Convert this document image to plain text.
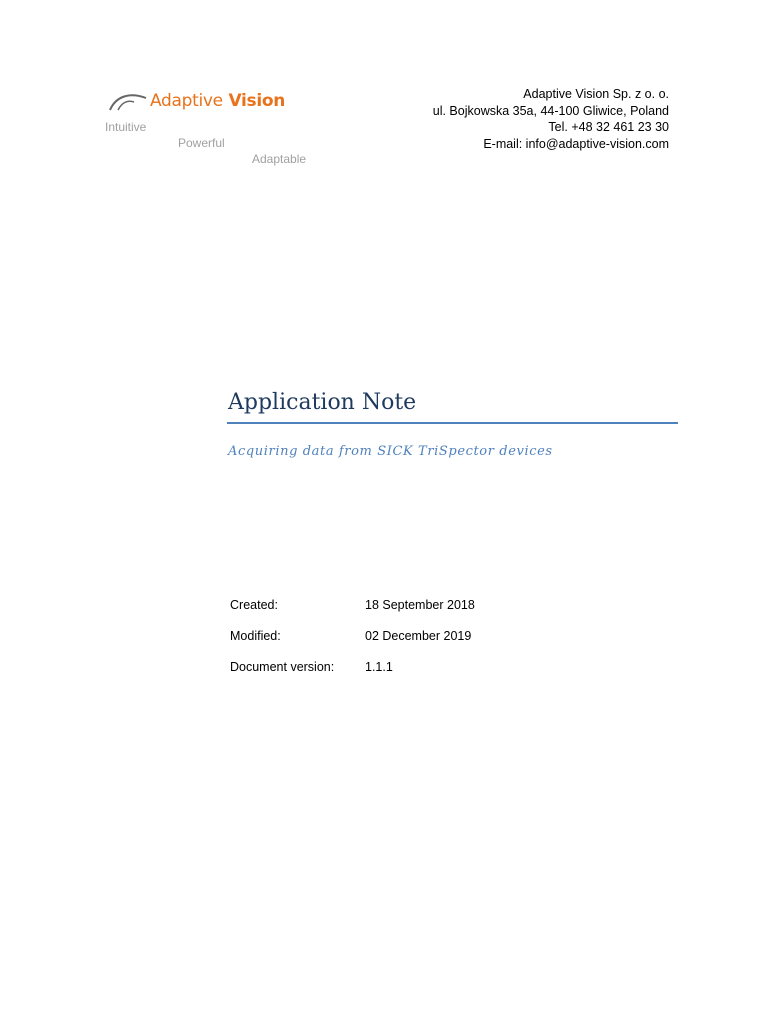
Adaptive Vision
Intuitive
Powerful
Adaptable
Adaptive Vision Sp. z o. o.
ul. Bojkowska 35a, 44-100 Gliwice, Poland
Tel. +48 32 461 23 30
E-mail: info@adaptive-vision.com
Application Note
Acquiring data from SICK TriSpector devices
Created:	18 September 2018
Modified:	02 December 2019
Document version:	1.1.1
